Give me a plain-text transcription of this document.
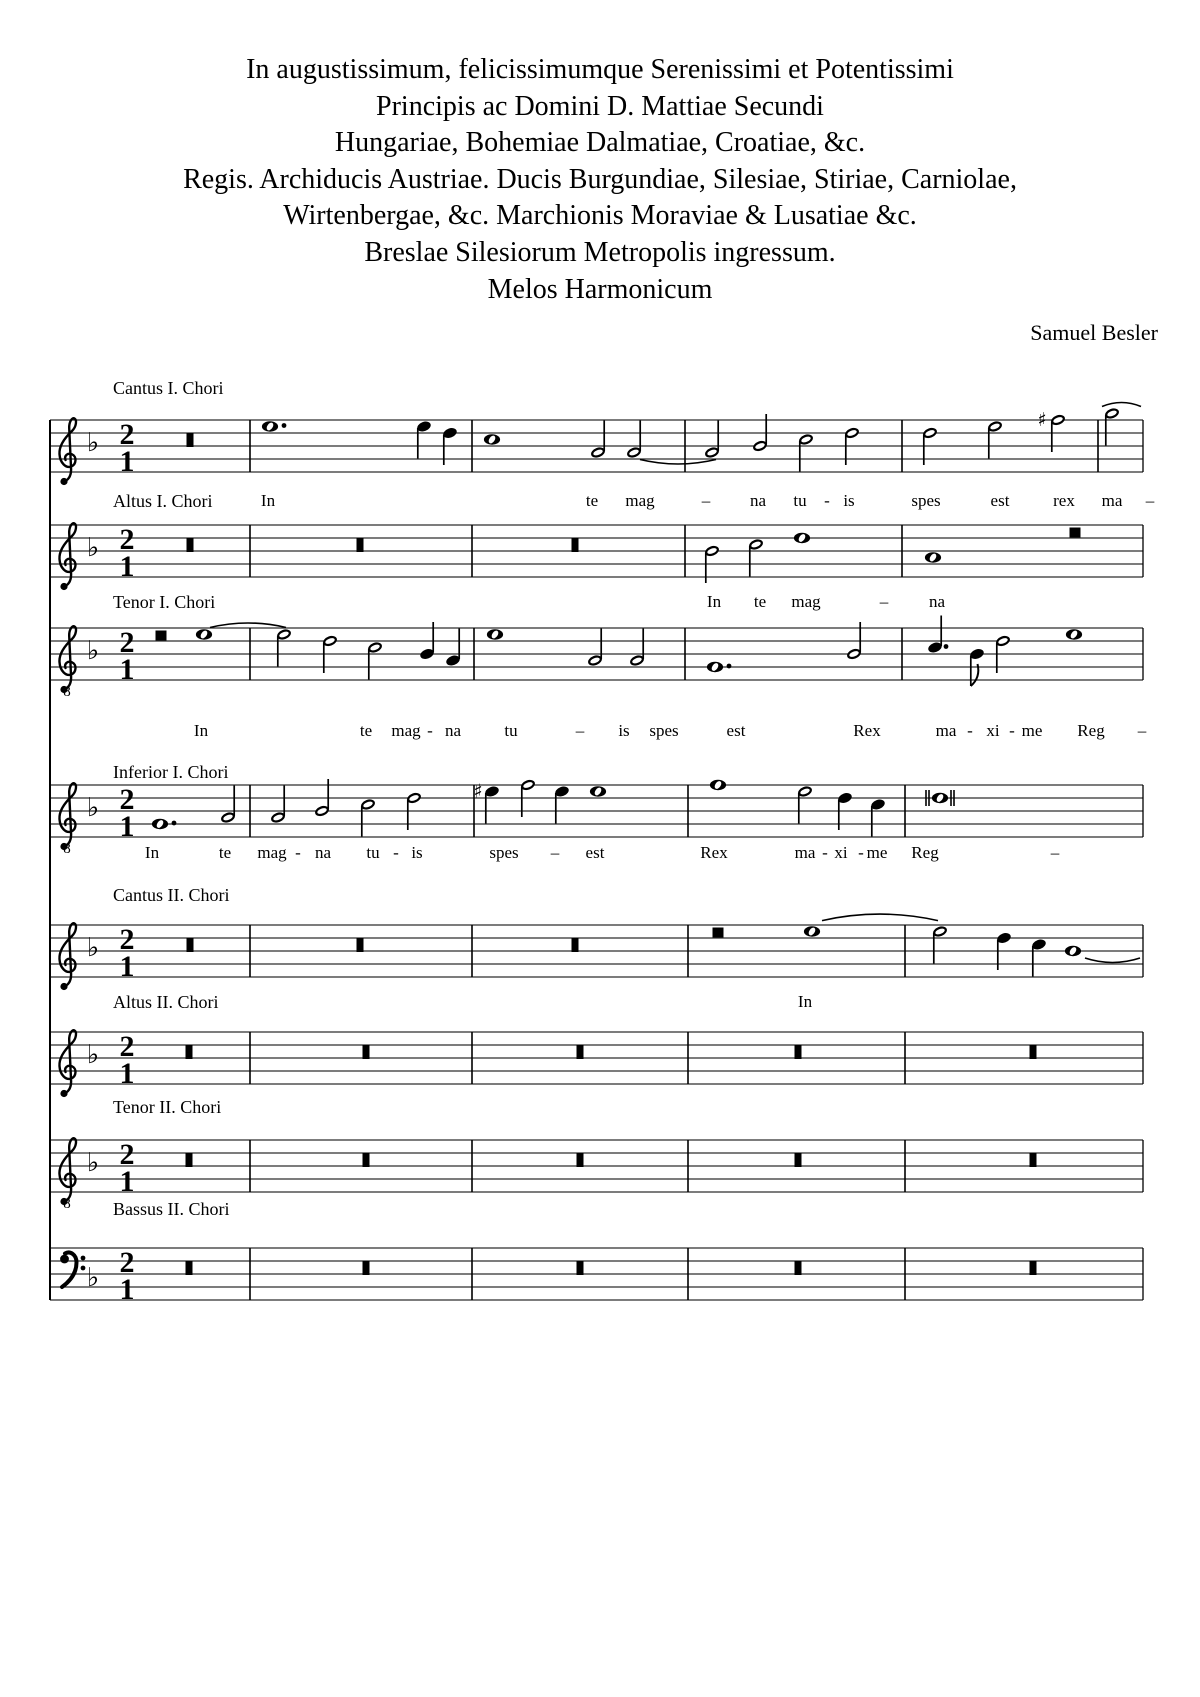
In augustissimum, felicissimumque Serenissimi et Potentissimi
Principis ac Domini D. Mattiae Secundi
Hungariae, Bohemiae Dalmatiae, Croatiae, &c.
Regis. Archiducis Austriae. Ducis Burgundiae, Silesiae, Stiriae, Carniolae,
Wirtenbergae, &c. Marchionis Moraviae & Lusatiae &c.
Breslae Silesiorum Metropolis ingressum.
Melos Harmonicum
Samuel Besler
♭ 2
1
♯
♭ 2
1
8
♭ 2
1
8
♭ 2
1
♯
♭ 2
1
♭ 2
1
8
♭ 2
1
♭ 2
1
Cantus I. Chori
In	te mag	– na tu - is	spes	est	rex ma –
Altus I. Chori
In te mag	– na
Tenor I. Chori
In	te mag - na	tu	– is spes	est	Rex	ma - xi - me Reg –
Inferior I. Chori
In	te mag - na tu - is	spes – est	Rex	ma - xi - me Reg	–
Cantus II. Chori
In
Altus II. Chori
Tenor II. Chori
Bassus II. Chori
